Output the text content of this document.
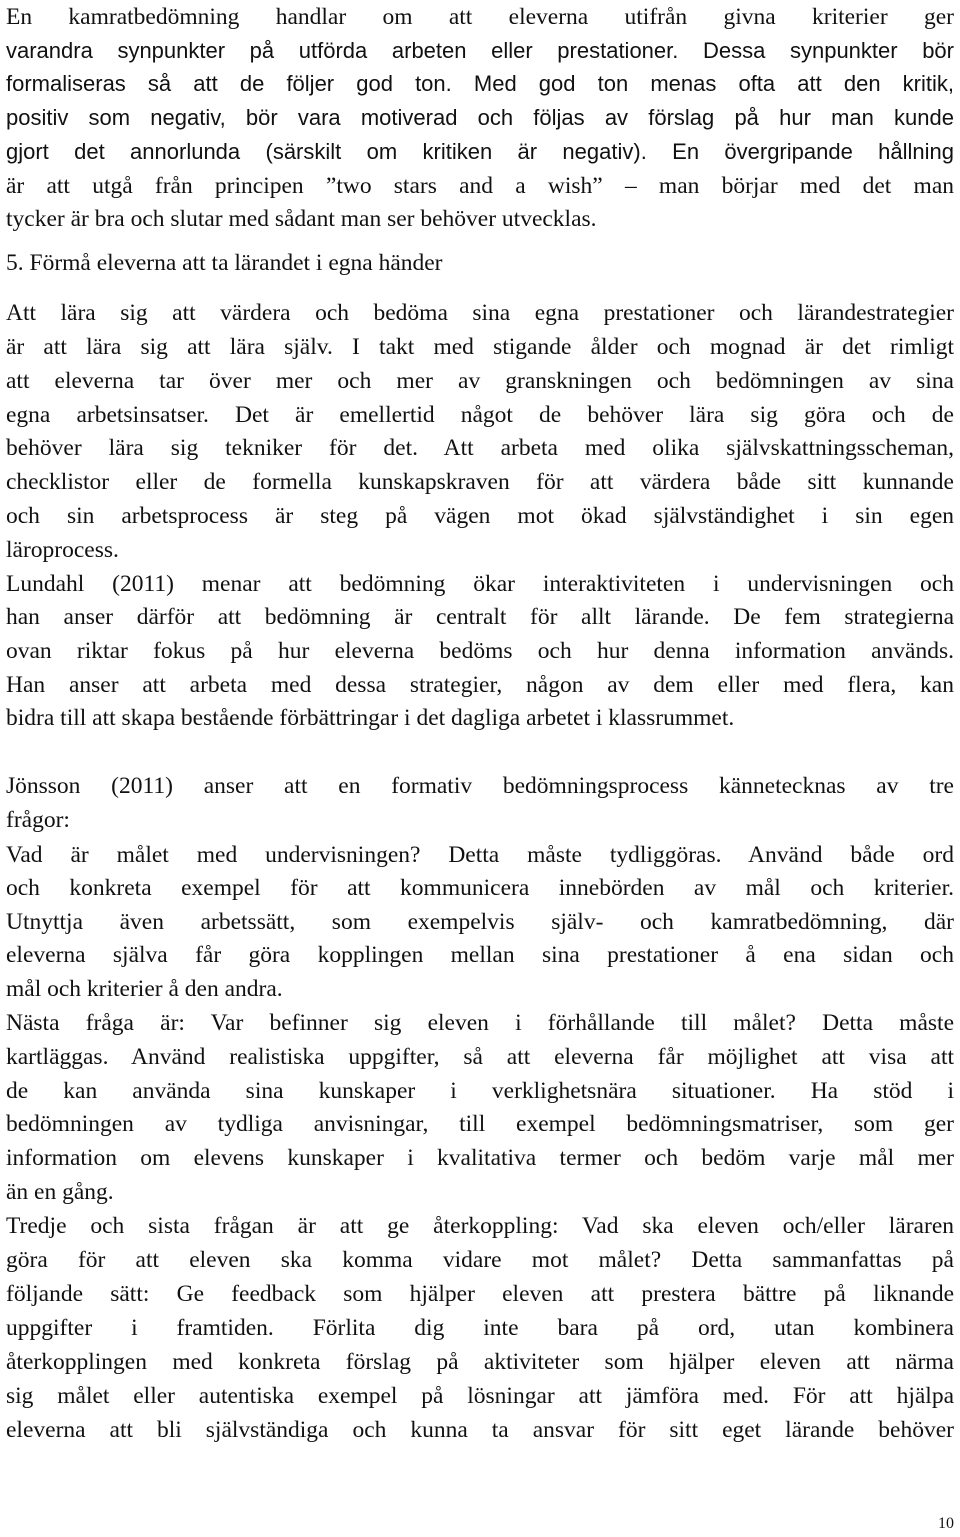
En kamratbedömning handlar om att eleverna utifrån givna kriterier ger

varandra synpunkter på utförda arbeten eller prestationer. Dessa synpunkter bör

formaliseras så att de följer god ton. Med god ton menas ofta att den kritik,

positiv som negativ, bör vara motiverad och följas av förslag på hur man kunde

gjort det annorlunda (särskilt om kritiken är negativ). En övergripande hållning

är att utgå från principen ”two stars and a wish” – man börjar med det man

tycker är bra och slutar med sådant man ser behöver utvecklas.

5. Förmå eleverna att ta lärandet i egna händer

Att lära sig att värdera och bedöma sina egna prestationer och lärandestrategier

är att lära sig att lära själv. I takt med stigande ålder och mognad är det rimligt

att eleverna tar över mer och mer av granskningen och bedömningen av sina

egna arbetsinsatser. Det är emellertid något de behöver lära sig göra och de

behöver lära sig tekniker för det. Att arbeta med olika självskattningsscheman,

checklistor eller de formella kunskapskraven för att värdera både sitt kunnande

och sin arbetsprocess är steg på vägen mot ökad självständighet i sin egen

läroprocess.

Lundahl (2011) menar att bedömning ökar interaktiviteten i undervisningen och

han anser därför att bedömning är centralt för allt lärande. De fem strategierna

ovan riktar fokus på hur eleverna bedöms och hur denna information används.

Han anser att arbeta med dessa strategier, någon av dem eller med flera, kan

bidra till att skapa bestående förbättringar i det dagliga arbetet i klassrummet.

Jönsson (2011) anser att en formativ bedömningsprocess kännetecknas av tre

frågor:

Vad är målet med undervisningen? Detta måste tydliggöras. Använd både ord

och konkreta exempel för att kommunicera innebörden av mål och kriterier.

Utnyttja även arbetssätt, som exempelvis själv- och kamratbedömning, där

eleverna själva får göra kopplingen mellan sina prestationer å ena sidan och

mål och kriterier å den andra.

Nästa fråga är: Var befinner sig eleven i förhållande till målet? Detta måste

kartläggas. Använd realistiska uppgifter, så att eleverna får möjlighet att visa att

de kan använda sina kunskaper i verklighetsnära situationer. Ha stöd i

bedömningen av tydliga anvisningar, till exempel bedömningsmatriser, som ger

information om elevens kunskaper i kvalitativa termer och bedöm varje mål mer

än en gång.

Tredje och sista frågan är att ge återkoppling: Vad ska eleven och/eller läraren

göra för att eleven ska komma vidare mot målet? Detta sammanfattas på

följande sätt: Ge feedback som hjälper eleven att prestera bättre på liknande

uppgifter i framtiden. Förlita dig inte bara på ord, utan kombinera

återkopplingen med konkreta förslag på aktiviteter som hjälper eleven att närma

sig målet eller autentiska exempel på lösningar att jämföra med. För att hjälpa

eleverna att bli självständiga och kunna ta ansvar för sitt eget lärande behöver

10
